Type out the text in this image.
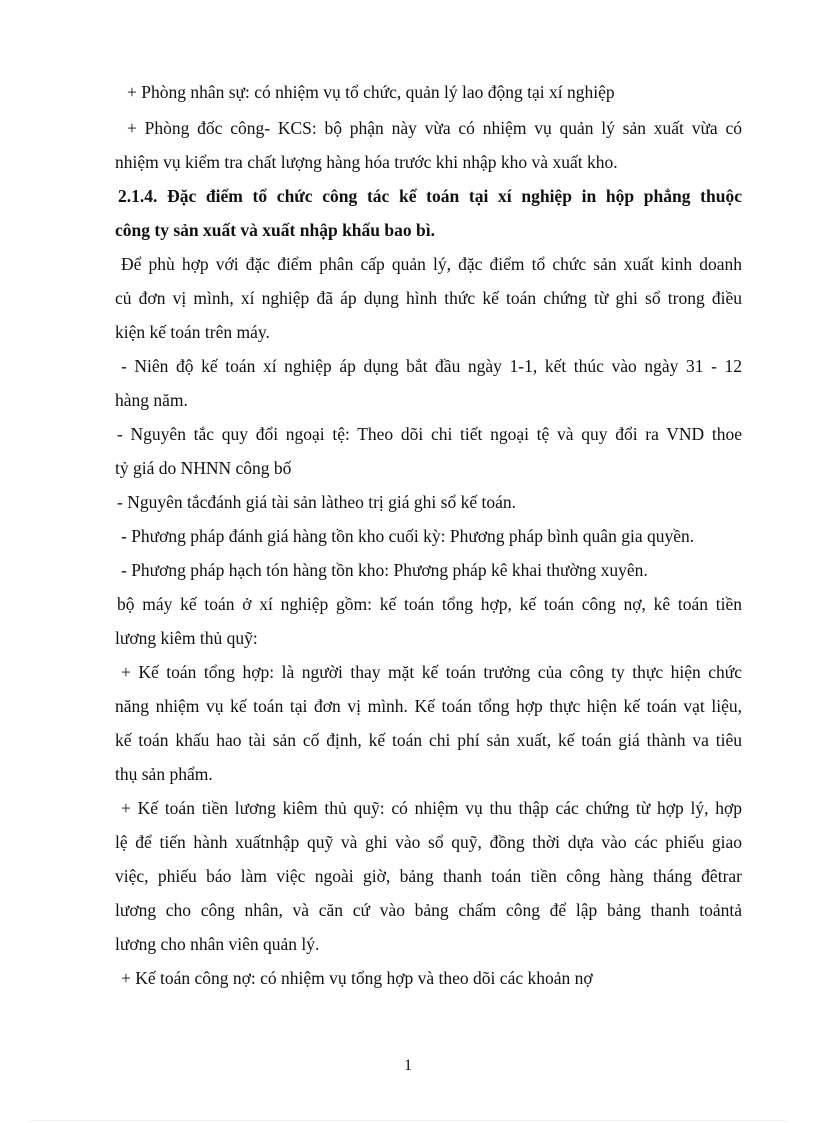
+ Phòng nhân sự: có nhiệm vụ tổ chức, quản lý lao động tại xí nghiệp
+ Phòng đốc công- KCS: bộ phận này vừa có nhiệm vụ quản lý sản xuất vừa có
nhiệm vụ kiểm tra chất lượng hàng hóa trước khi nhập kho và xuất kho.
2.1.4. Đặc điểm tổ chức công tác kế toán tại xí nghiệp in hộp phẳng thuộc
công ty sản xuất và xuất nhập khẩu bao bì.
Để phù hợp với đặc điểm phân cấp quản lý, đặc điểm tổ chức sản xuất kinh doanh
củ đơn vị mình, xí nghiệp đã áp dụng hình thức kế toán chứng từ ghi sổ trong điều
kiện kế toán trên máy.
- Niên độ kế toán xí nghiệp áp dụng bắt đầu ngày 1-1, kết thúc vào ngày 31 - 12
hàng năm.
- Nguyên tắc quy đổi ngoại tệ: Theo dõi chi tiết ngoại tệ và quy đổi ra VND thoe
tỷ giá do NHNN công bố
- Nguyên tắcđánh giá tài sản làtheo trị giá ghi sổ kế toán.
- Phương pháp đánh giá hàng tồn kho cuối kỳ: Phương pháp bình quân gia quyền.
- Phương pháp hạch tón hàng tồn kho: Phương pháp kê khai thường xuyên.
bộ máy kế toán ở xí nghiệp gồm: kế toán tổng hợp, kế toán công nợ, kê toán tiền
lương kiêm thủ quỹ:
+ Kế toán tổng hợp: là người thay mặt kế toán trưởng của công ty thực hiện chức
năng nhiệm vụ kế toán tại đơn vị mình. Kế toán tổng hợp thực hiện kế toán vạt liệu,
kế toán khấu hao tài sản cố định, kế toán chi phí sản xuất, kế toán giá thành va tiêu
thụ sản phẩm.
+ Kế toán tiền lương kiêm thủ quỹ: có nhiệm vụ thu thập các chứng từ hợp lý, hợp
lệ để tiến hành xuấtnhập quỹ và ghi vào sổ quỹ, đồng thời dựa vào các phiếu giao
việc, phiếu báo làm việc ngoài giờ, bảng thanh toán tiền công hàng tháng đêtrar
lương cho công nhân, và căn cứ vào bảng chấm công để lập bảng thanh toảntả
lương cho nhân viên quản lý.
+ Kế toán công nợ: có nhiệm vụ tổng hợp và theo dõi các khoản nợ
1
